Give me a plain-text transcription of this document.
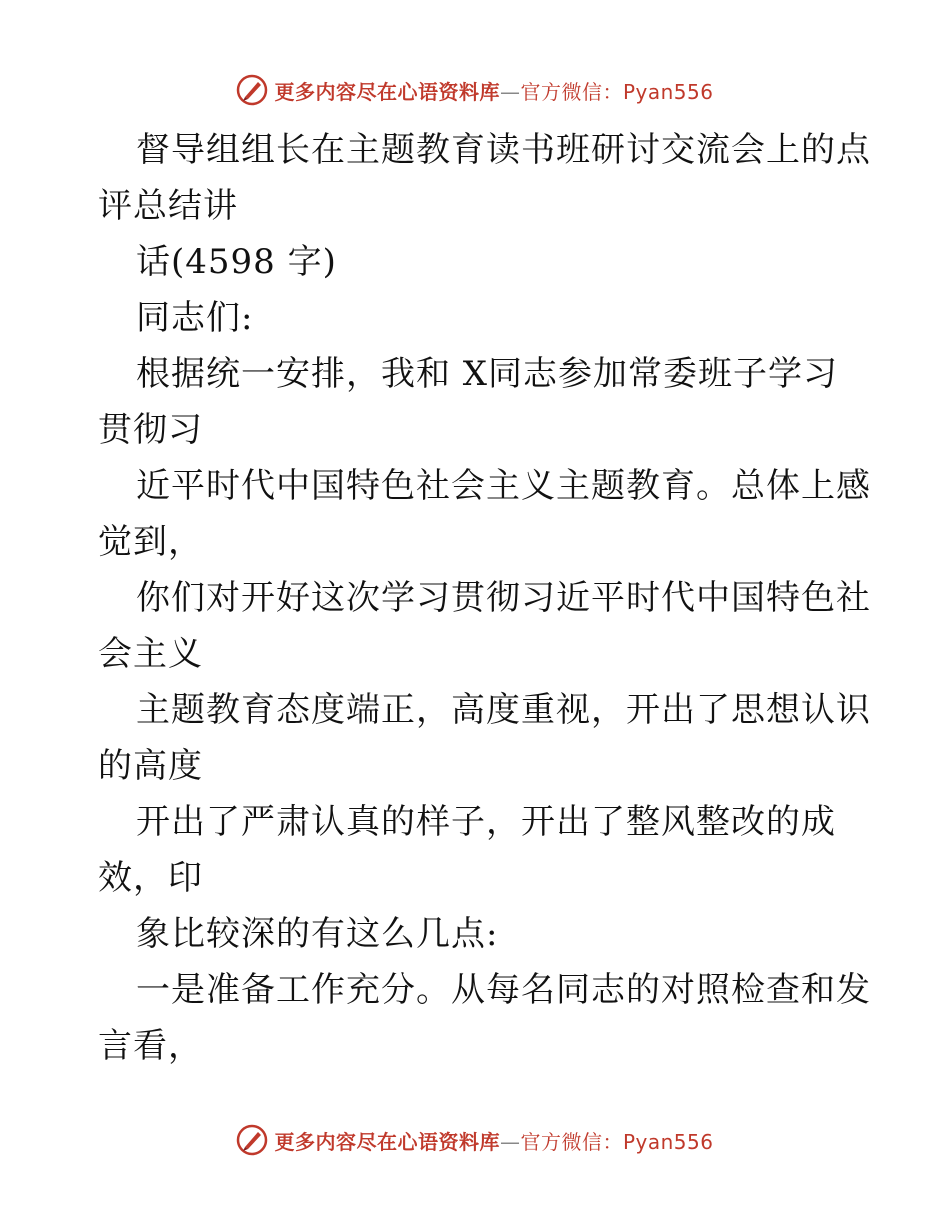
更多内容尽在心语资料库—官方微信：Pyan556
督导组组长在主题教育读书班研讨交流会上的点
评总结讲
话(4598 字)
同志们:
根据统一安排，我和 X同志参加常委班子学习
贯彻习
近平时代中国特色社会主义主题教育。总体上感
觉到，
你们对开好这次学习贯彻习近平时代中国特色社
会主义
主题教育态度端正，高度重视，开出了思想认识
的高度
开出了严肃认真的样子，开出了整风整改的成
效，印
象比较深的有这么几点:
一是准备工作充分。从每名同志的对照检查和发
言看，
更多内容尽在心语资料库—官方微信：Pyan556
